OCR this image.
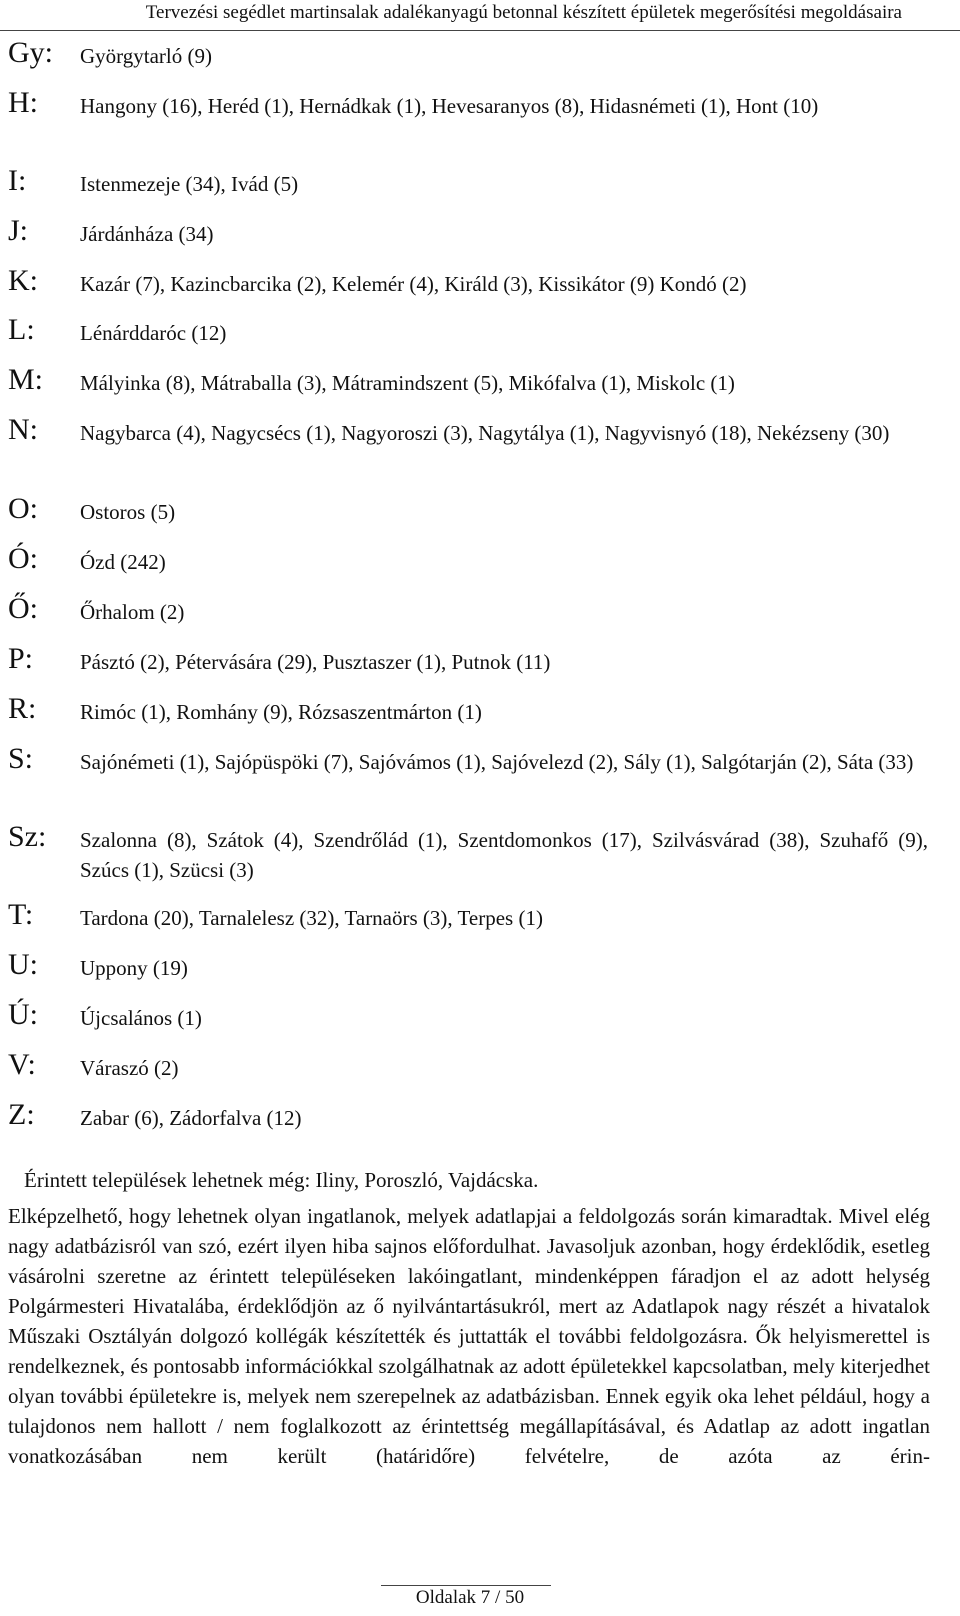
Tervezési segédlet martinsalak adalékanyagú betonnal készített épületek megerősítési megoldásaira
Gy: Györgytarló (9)
H: Hangony (16), Heréd (1), Hernádkak (1), Hevesaranyos (8), Hidasnémeti (1), Hont (10)
I:	Istenmezeje (34), Ivád (5)
J: Járdánháza (34)
K: Kazár (7), Kazincbarcika (2), Kelemér (4), Királd (3), Kissikátor (9) Kondó (2)
L: Lénárddaróc (12)
M: Mályinka (8), Mátraballa (3), Mátramindszent (5), Mikófalva (1), Miskolc (1)
N: Nagybarca (4), Nagycsécs (1), Nagyoroszi (3), Nagytálya (1), Nagyvisnyó (18), Nekézseny (30)
O: Ostoros (5)
Ó: Ózd (242)
Ő: Őrhalom (2)
P: Pásztó (2), Pétervására (29), Pusztaszer (1), Putnok (11)
R: Rimóc (1), Romhány (9), Rózsaszentmárton (1)
S: Sajónémeti (1), Sajópüspöki (7), Sajóvámos (1), Sajóvelezd (2), Sály (1), Salgótarján (2), Sáta (33)
Sz: Szalonna (8), Szátok (4), Szendrőlád (1), Szentdomonkos (17), Szilvásvárad (38), Szuhafő (9), Szúcs (1), Szücsi (3)
T: Tardona (20), Tarnalelesz (32), Tarnaörs (3), Terpes (1)
U: Uppony (19)
Ú: Újcsalános (1)
V: Váraszó (2)
Z: Zabar (6), Zádorfalva (12)
Érintett települések lehetnek még: Iliny, Poroszló, Vajdácska.
Elképzelhető, hogy lehetnek olyan ingatlanok, melyek adatlapjai a feldolgozás során kimaradtak. Mivel elég nagy adatbázisról van szó, ezért ilyen hiba sajnos előfordulhat. Javasoljuk azonban, hogy érdeklődik, esetleg vásárolni szeretne az érintett településeken lakóingatlant, mindenképpen fáradjon el az adott helység Polgármesteri Hivatalába, érdeklődjön az ő nyilvántartásukról, mert az Adatlapok nagy részét a hivatalok Műszaki Osztályán dolgozó kollégák készítették és juttatták el további feldolgozásra. Ők helyismerettel is rendelkeznek, és pontosabb információkkal szolgálhatnak az adott épületekkel kapcsolatban, mely kiterjedhet olyan további épületekre is, melyek nem szerepelnek az adatbázisban. Ennek egyik oka lehet például, hogy a tulajdonos nem hallott / nem foglalkozott az érintettség megállapításával, és Adatlap az adott ingatlan vonatkozásában nem került (határidőre) felvételre, de azóta az érin-
Oldalak 7 / 50
